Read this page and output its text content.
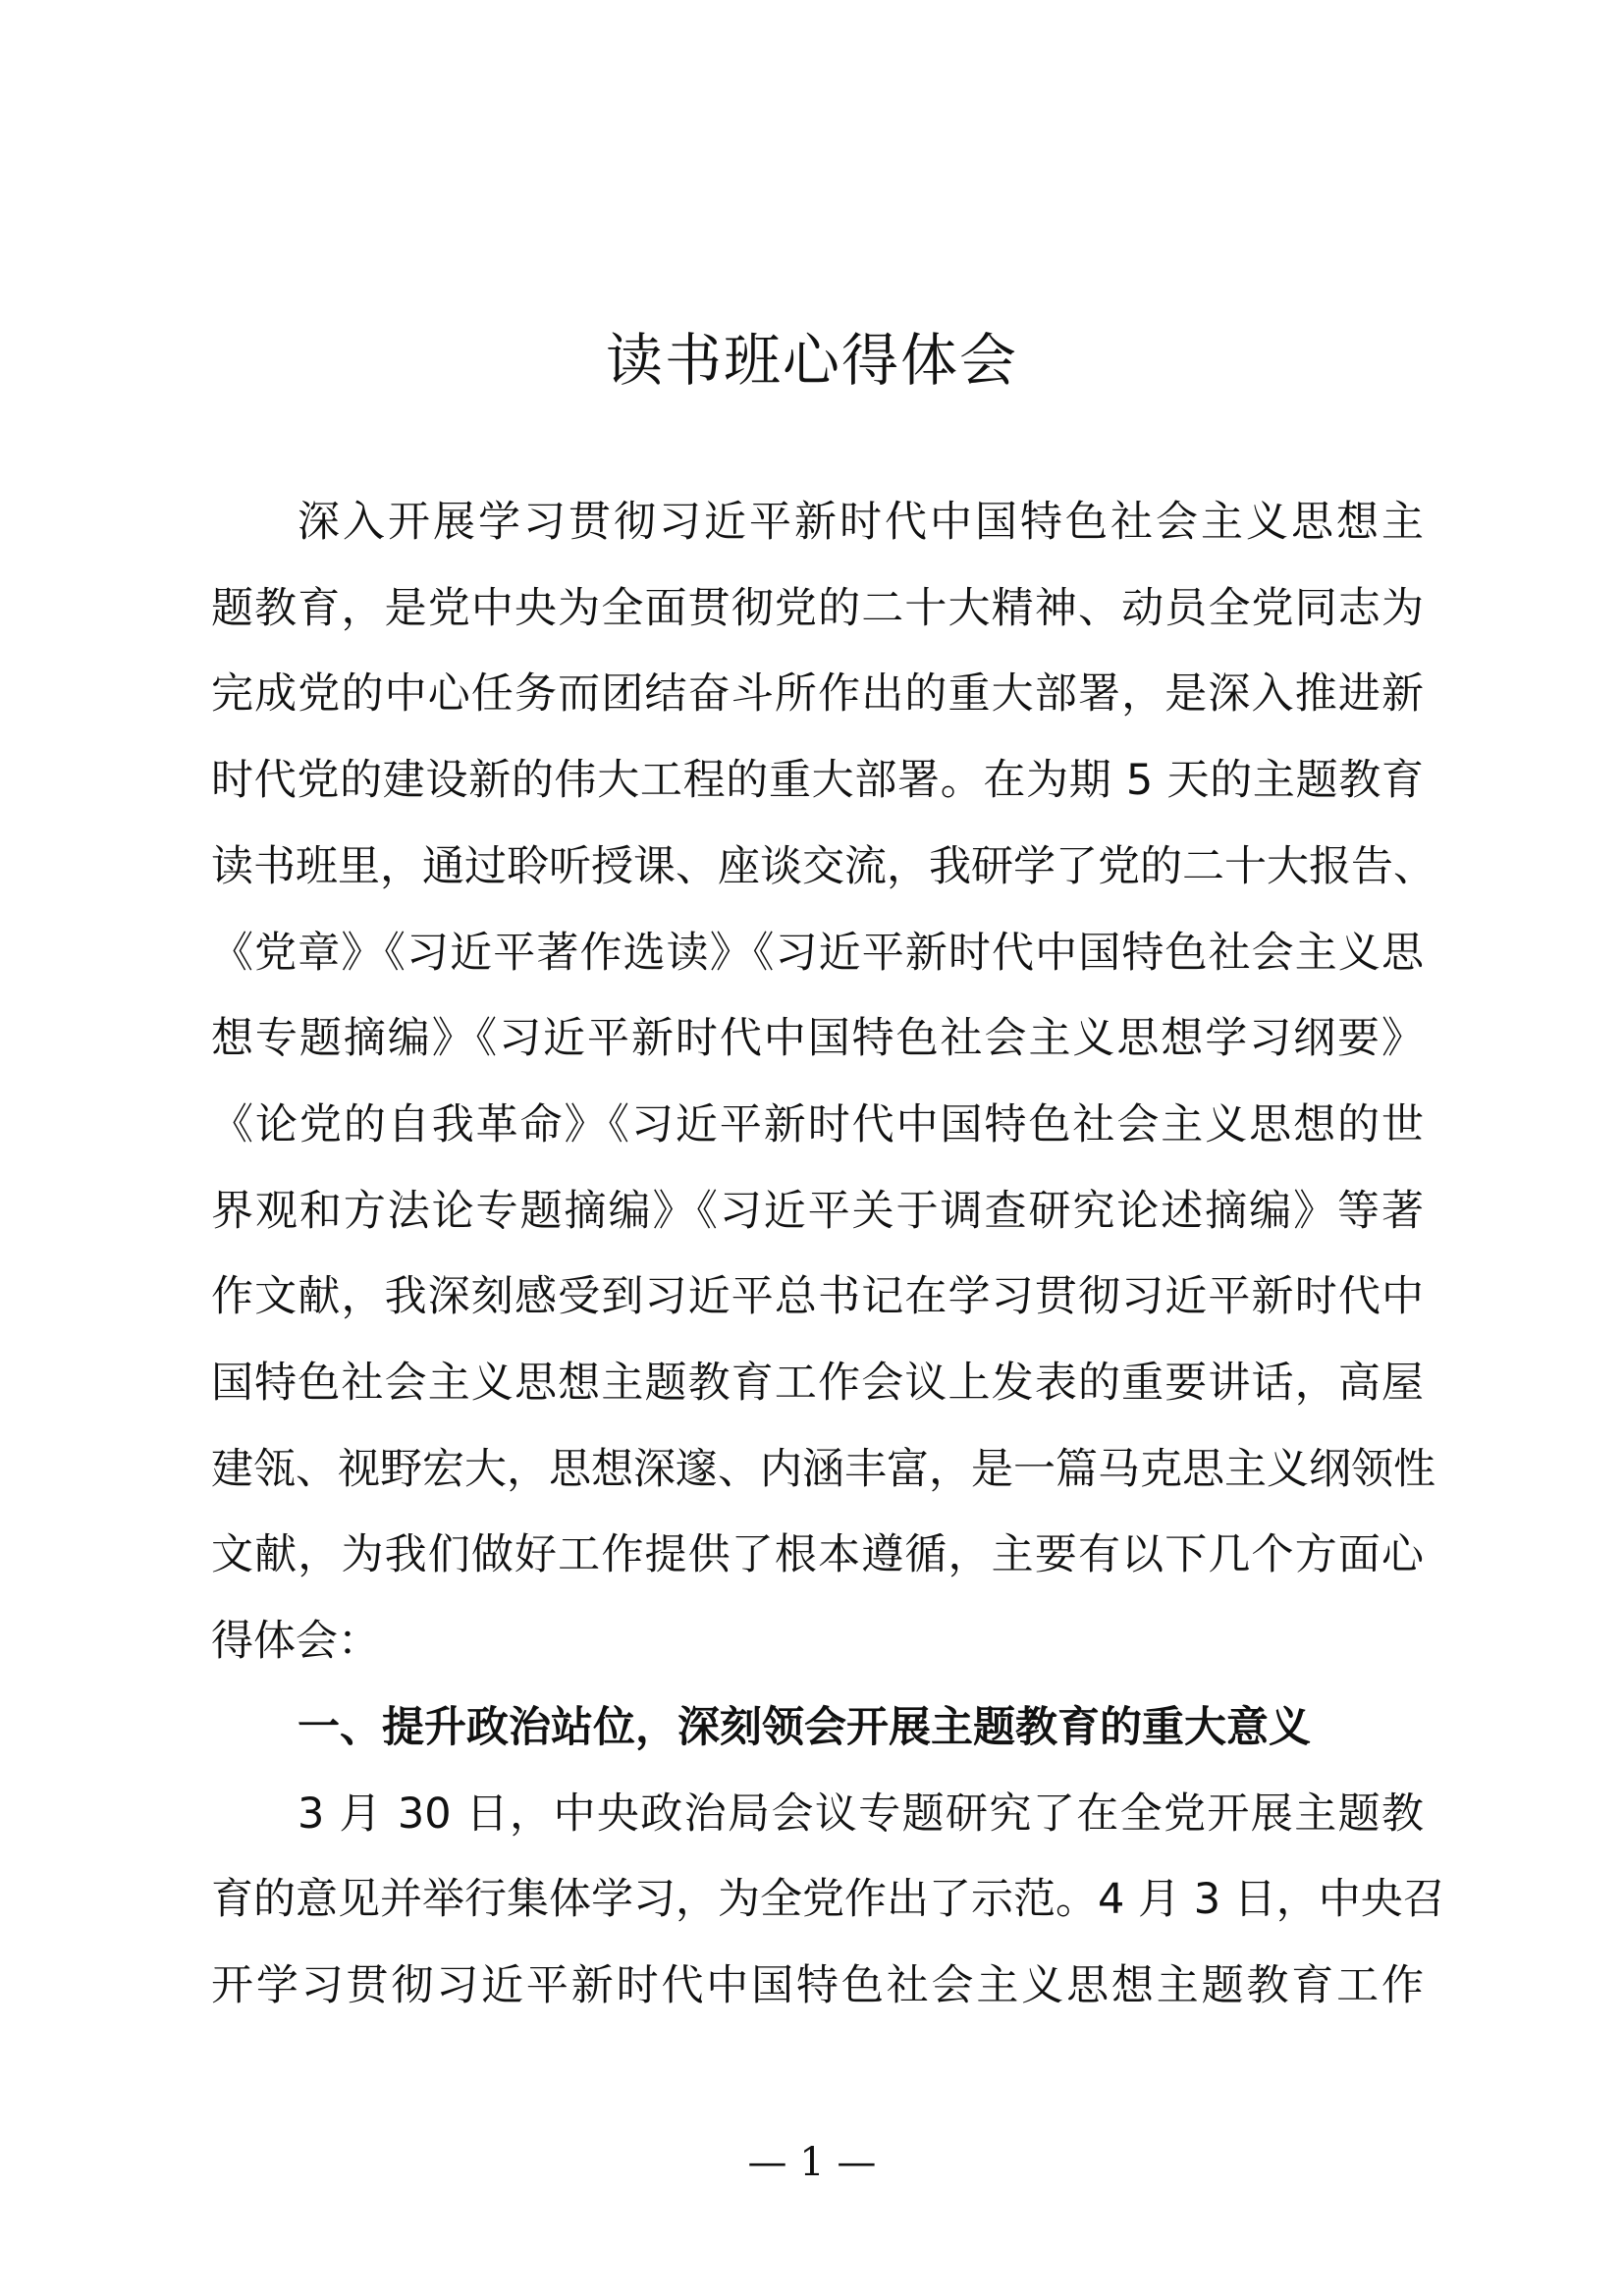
读书班心得体会
深入开展学习贯彻习近平新时代中国特色社会主义思想主
题教育，是党中央为全面贯彻党的二十大精神、动员全党同志为
完成党的中心任务而团结奋斗所作出的重大部署，是深入推进新
时代党的建设新的伟大工程的重大部署。在为期 5 天的主题教育
读书班里，通过聆听授课、座谈交流，我研学了党的二十大报告、
《党章》《习近平著作选读》《习近平新时代中国特色社会主义思
想专题摘编》《习近平新时代中国特色社会主义思想学习纲要》
《论党的自我革命》《习近平新时代中国特色社会主义思想的世
界观和方法论专题摘编》《习近平关于调查研究论述摘编》等著
作文献，我深刻感受到习近平总书记在学习贯彻习近平新时代中
国特色社会主义思想主题教育工作会议上发表的重要讲话，高屋
建瓴、视野宏大，思想深邃、内涵丰富，是一篇马克思主义纲领性
文献，为我们做好工作提供了根本遵循，主要有以下几个方面心
得体会：
一、提升政治站位，深刻领会开展主题教育的重大意义
3 月 30 日，中央政治局会议专题研究了在全党开展主题教
育的意见并举行集体学习，为全党作出了示范。4 月 3 日，中央召
开学习贯彻习近平新时代中国特色社会主义思想主题教育工作
— 1 —
